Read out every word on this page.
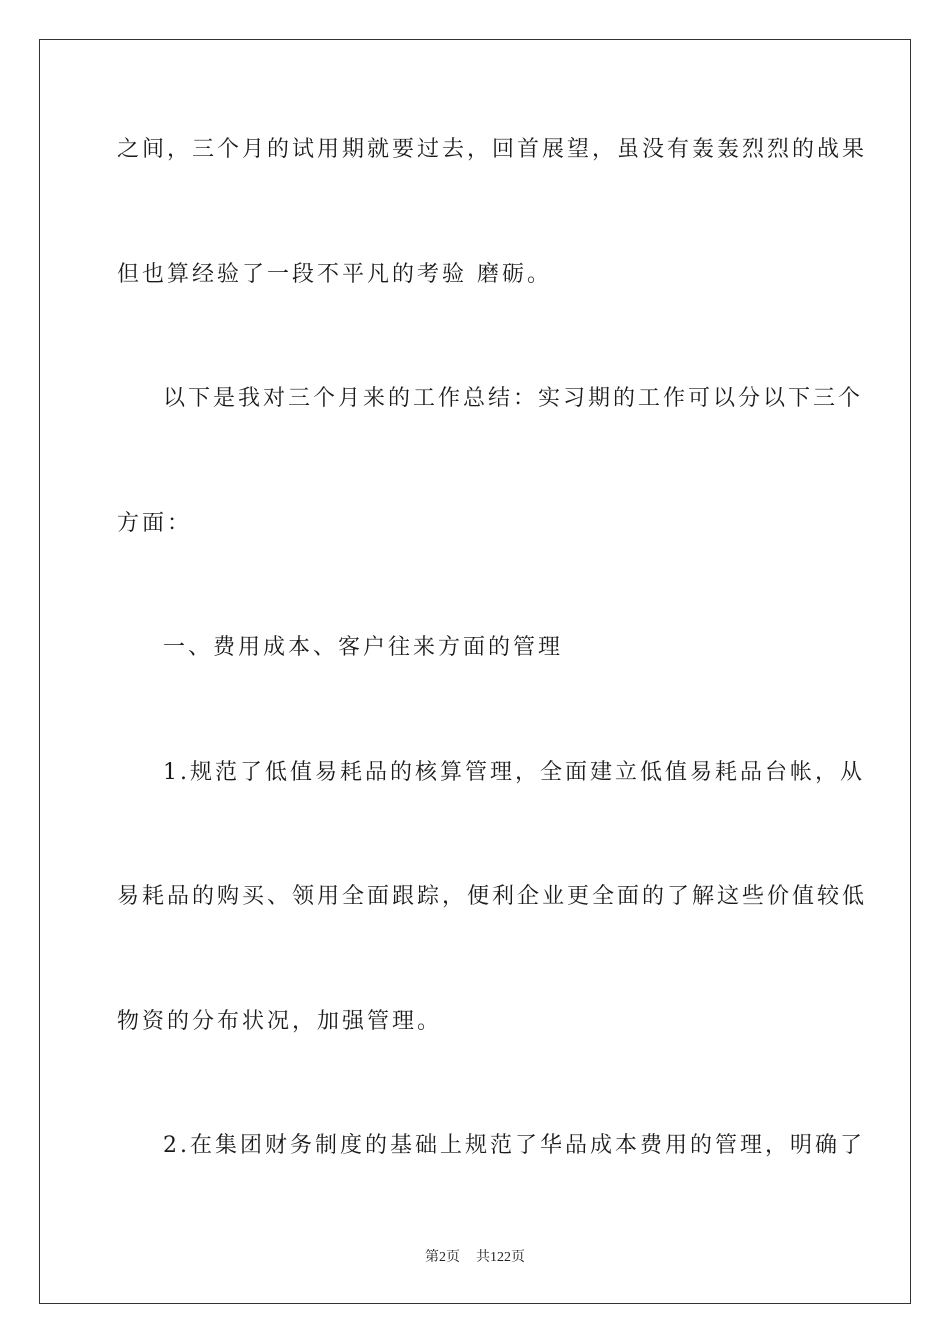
之间，三个月的试用期就要过去，回首展望，虽没有轰轰烈烈的战果
但也算经验了一段不平凡的考验 磨砺。
以下是我对三个月来的工作总结：实习期的工作可以分以下三个
方面：
一、费用成本、客户往来方面的管理
1.规范了低值易耗品的核算管理，全面建立低值易耗品台帐，从
易耗品的购买、领用全面跟踪，便利企业更全面的了解这些价值较低
物资的分布状况，加强管理。
2.在集团财务制度的基础上规范了华品成本费用的管理，明确了
第2页 共122页
